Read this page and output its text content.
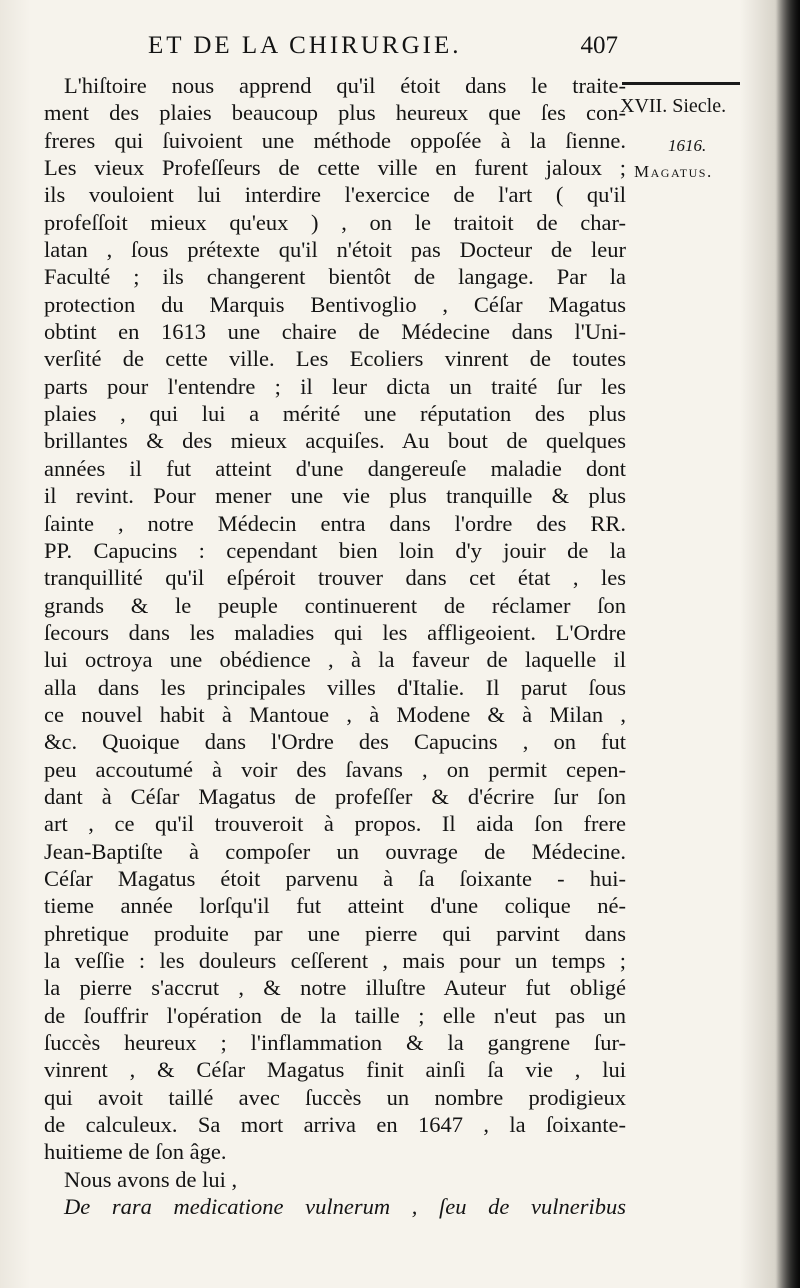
ET DE LA CHIRURGIE.	407
XVII. Siecle.
1616.
Magatus.
L'hiſtoire nous apprend qu'il étoit dans le traite-
ment des plaies beaucoup plus heureux que ſes con-
freres qui ſuivoient une méthode oppoſée à la ſienne.
Les vieux Profeſſeurs de cette ville en furent jaloux ;
ils vouloient lui interdire l'exercice de l'art ( qu'il
profeſſoit mieux qu'eux ) , on le traitoit de char-
latan , ſous prétexte qu'il n'étoit pas Docteur de leur
Faculté ; ils changerent bientôt de langage. Par la
protection du Marquis Bentivoglio , Céſar Magatus
obtint en 1613 une chaire de Médecine dans l'Uni-
verſité de cette ville. Les Ecoliers vinrent de toutes
parts pour l'entendre ; il leur dicta un traité ſur les
plaies , qui lui a mérité une réputation des plus
brillantes & des mieux acquiſes. Au bout de quelques
années il fut atteint d'une dangereuſe maladie dont
il revint. Pour mener une vie plus tranquille & plus
ſainte , notre Médecin entra dans l'ordre des RR.
PP. Capucins : cependant bien loin d'y jouir de la
tranquillité qu'il eſpéroit trouver dans cet état , les
grands & le peuple continuerent de réclamer ſon
ſecours dans les maladies qui les affligeoient. L'Ordre
lui octroya une obédience , à la faveur de laquelle il
alla dans les principales villes d'Italie. Il parut ſous
ce nouvel habit à Mantoue , à Modene & à Milan ,
&c. Quoique dans l'Ordre des Capucins , on fut
peu accoutumé à voir des ſavans , on permit cepen-
dant à Céſar Magatus de profeſſer & d'écrire ſur ſon
art , ce qu'il trouveroit à propos. Il aida ſon frere
Jean-Baptiſte à compoſer un ouvrage de Médecine.
Céſar Magatus étoit parvenu à ſa ſoixante - hui-
tieme année lorſqu'il fut atteint d'une colique né-
phretique produite par une pierre qui parvint dans
la veſſie : les douleurs ceſſerent , mais pour un temps ;
la pierre s'accrut , & notre illuſtre Auteur fut obligé
de ſouffrir l'opération de la taille ; elle n'eut pas un
ſuccès heureux ; l'inflammation & la gangrene ſur-
vinrent , & Céſar Magatus finit ainſi ſa vie , lui
qui avoit taillé avec ſuccès un nombre prodigieux
de calculeux. Sa mort arriva en 1647 , la ſoixante-
huitieme de ſon âge.
Nous avons de lui ,
De rara medicatione vulnerum , ſeu de vulneribus
